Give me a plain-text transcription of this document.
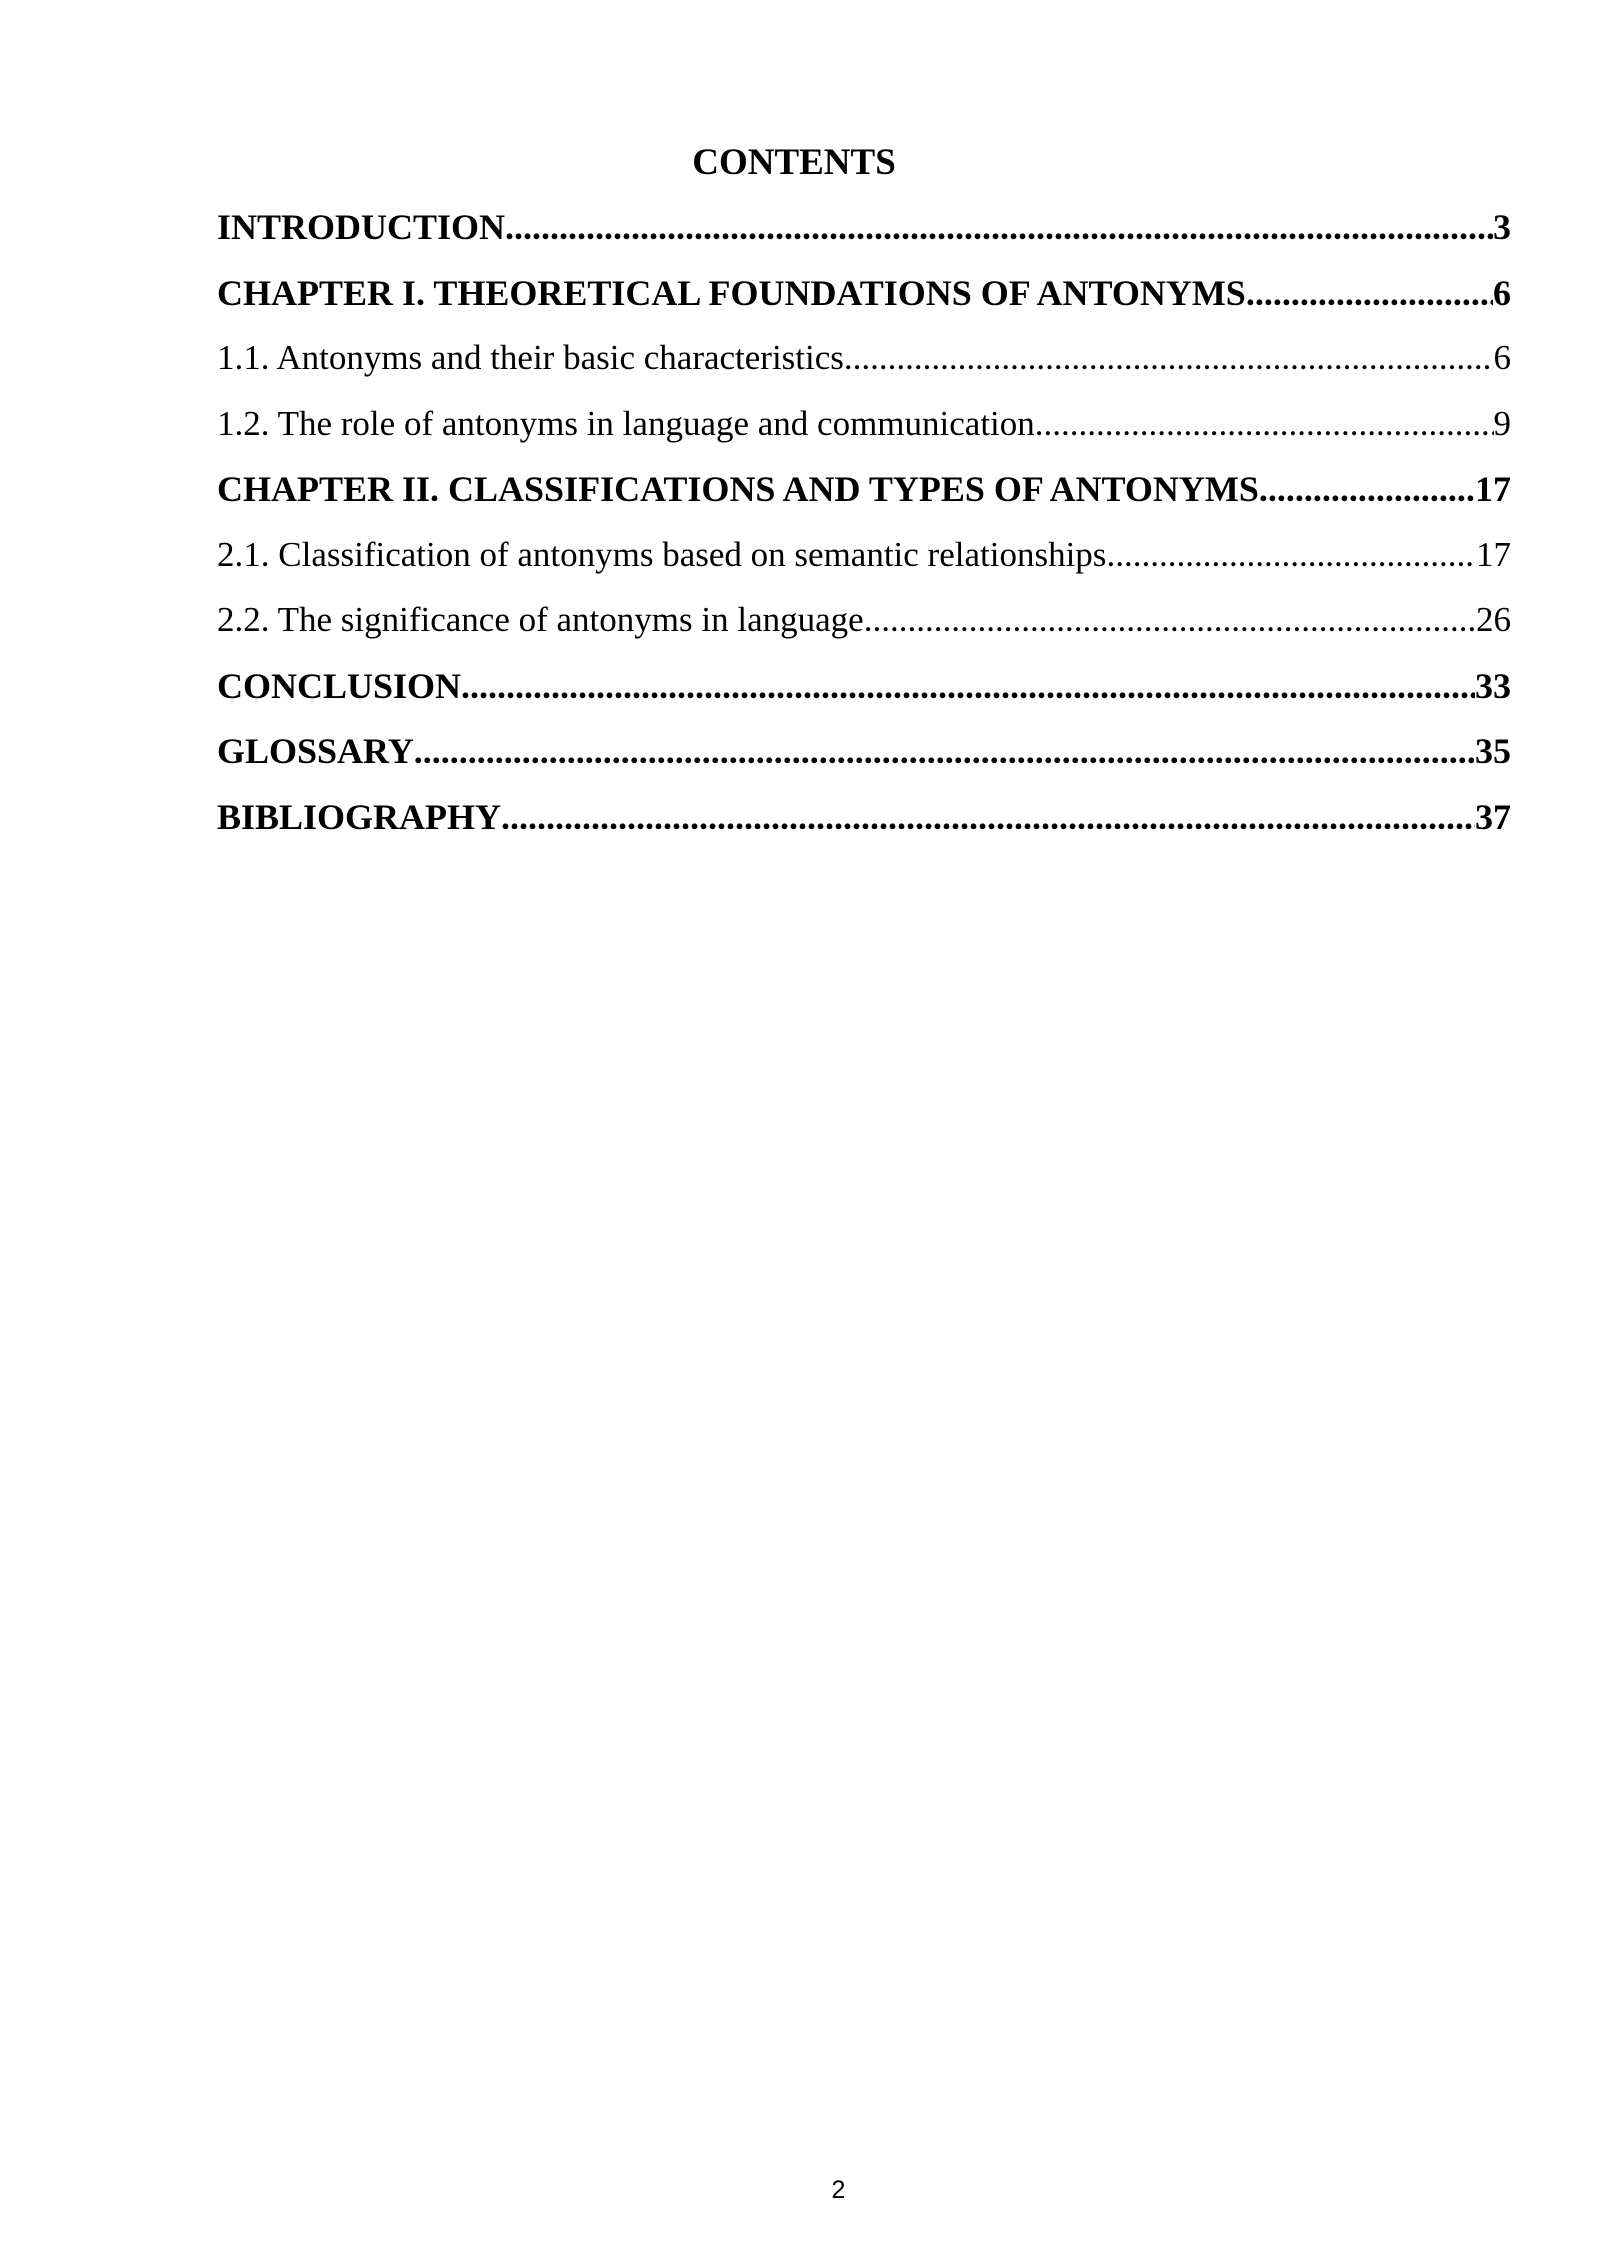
CONTENTS
INTRODUCTION .....	3
CHAPTER I. THEORETICAL FOUNDATIONS OF ANTONYMS .....	6
1.1. Antonyms and their basic characteristics .....	6
1.2. The role of antonyms in language and communication .....	9
CHAPTER II. CLASSIFICATIONS AND TYPES OF ANTONYMS .....	17
2.1. Classification of antonyms based on semantic relationships .....	17
2.2. The significance of antonyms in language .....	26
CONCLUSION .....	33
GLOSSARY .....	35
BIBLIOGRAPHY .....	37
2
